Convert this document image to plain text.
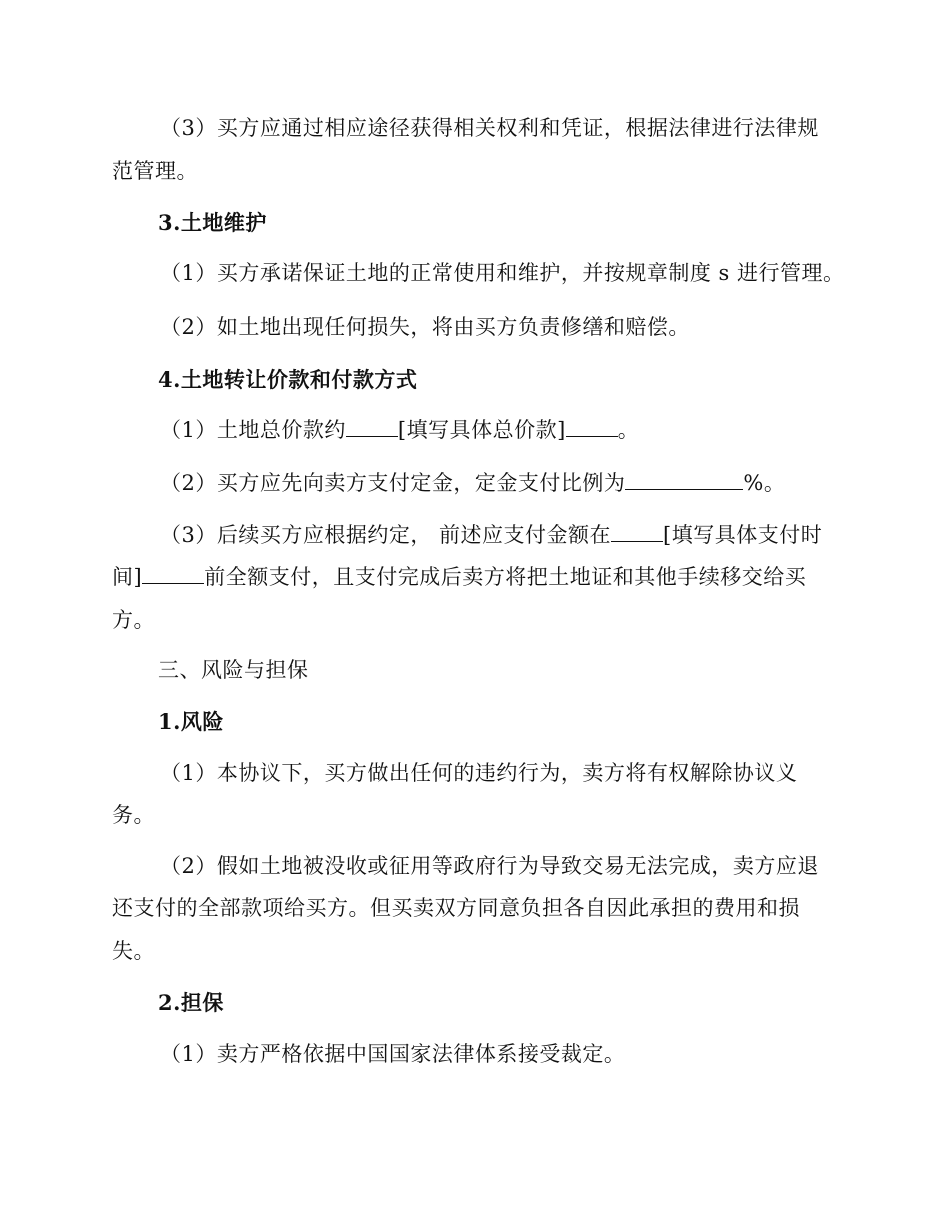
（3）买方应通过相应途径获得相关权利和凭证，根据法律进行法律规
范管理。
3.土地维护
（1）买方承诺保证土地的正常使用和维护，并按规章制度 s 进行管理。
（2）如土地出现任何损失，将由买方负责修缮和赔偿。
4.土地转让价款和付款方式
（1）土地总价款约 [填写具体总价款] 。
（2）买方应先向卖方支付定金，定金支付比例为	%。
（3）后续买方应根据约定， 前述应支付金额在 [填写具体支付时
间]	前全额支付，且支付完成后卖方将把土地证和其他手续移交给买
方。
三、风险与担保
1.风险
（1）本协议下，买方做出任何的违约行为，卖方将有权解除协议义
务。
（2）假如土地被没收或征用等政府行为导致交易无法完成，卖方应退
还支付的全部款项给买方。但买卖双方同意负担各自因此承担的费用和损
失。
2.担保
（1）卖方严格依据中国国家法律体系接受裁定。
